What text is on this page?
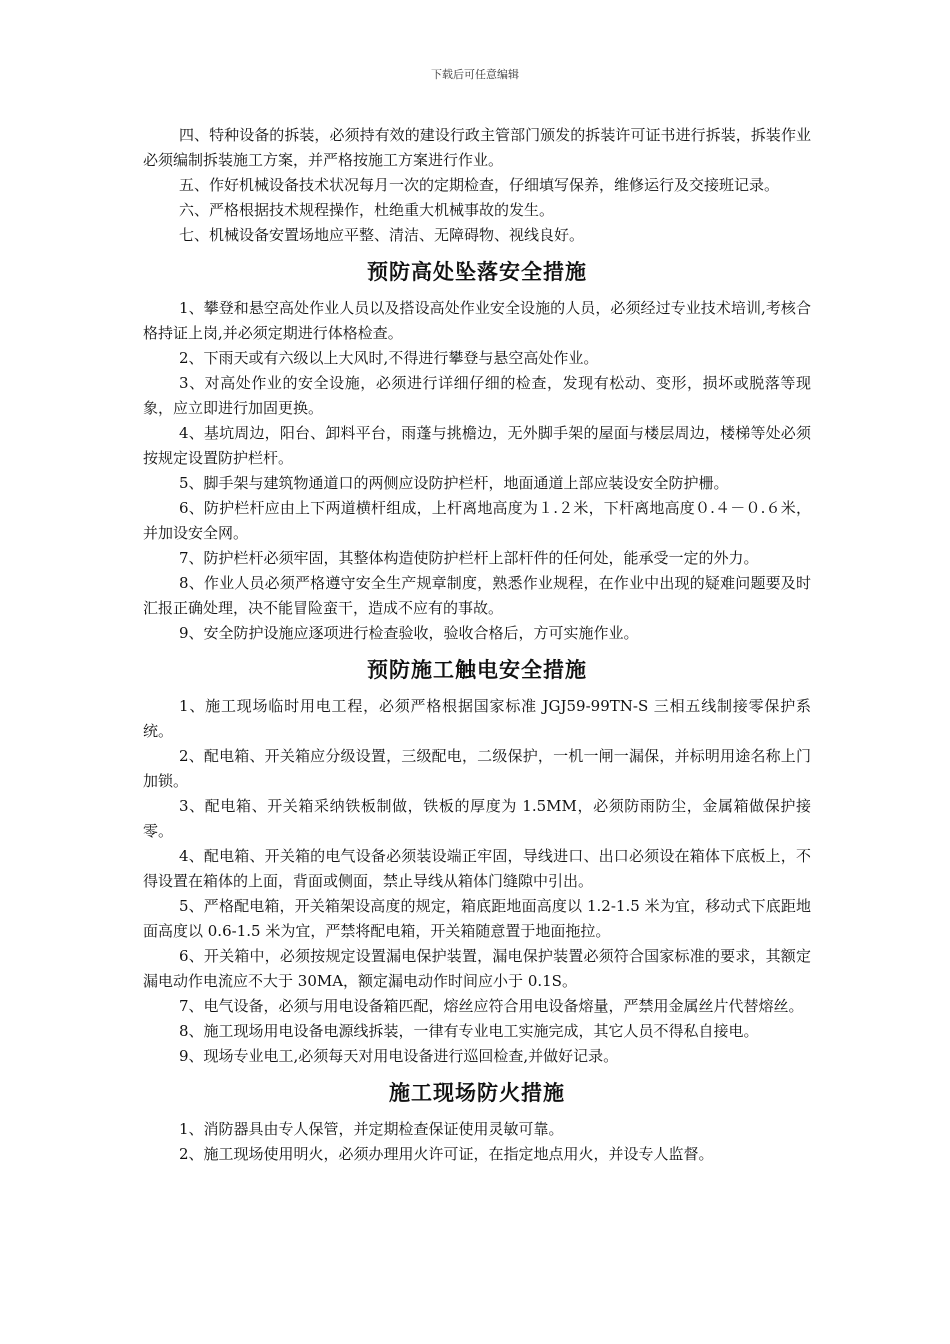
下载后可任意编辑

四、特种设备的拆装，必须持有效的建设行政主管部门颁发的拆装许可证书进行拆装，拆装作业必须编制拆装施工方案，并严格按施工方案进行作业。

五、作好机械设备技术状况每月一次的定期检查，仔细填写保养，维修运行及交接班记录。

六、严格根据技术规程操作，杜绝重大机械事故的发生。

七、机械设备安置场地应平整、清洁、无障碍物、视线良好。

预防高处坠落安全措施

1、攀登和悬空高处作业人员以及搭设高处作业安全设施的人员，必须经过专业技术培训,考核合格持证上岗,并必须定期进行体格检查。

2、下雨天或有六级以上大风时,不得进行攀登与悬空高处作业。

3、对高处作业的安全设施，必须进行详细仔细的检查，发现有松动、变形，损坏或脱落等现象，应立即进行加固更换。

4、基坑周边，阳台、卸料平台，雨蓬与挑檐边，无外脚手架的屋面与楼层周边，楼梯等处必须按规定设置防护栏杆。

5、脚手架与建筑物通道口的两侧应设防护栏杆，地面通道上部应装设安全防护栅。

6、防护栏杆应由上下两道横杆组成，上杆离地高度为１.２米，下杆离地高度０.４－０.６米，并加设安全网。

7、防护栏杆必须牢固，其整体构造使防护栏杆上部杆件的任何处，能承受一定的外力。

8、作业人员必须严格遵守安全生产规章制度，熟悉作业规程，在作业中出现的疑难问题要及时汇报正确处理，决不能冒险蛮干，造成不应有的事故。

9、安全防护设施应逐项进行检查验收，验收合格后，方可实施作业。

预防施工触电安全措施

1、施工现场临时用电工程，必须严格根据国家标准 JGJ59-99TN-S 三相五线制接零保护系统。

2、配电箱、开关箱应分级设置，三级配电，二级保护，一机一闸一漏保，并标明用途名称上门加锁。

3、配电箱、开关箱采纳铁板制做，铁板的厚度为 1.5MM，必须防雨防尘，金属箱做保护接零。

4、配电箱、开关箱的电气设备必须装设端正牢固，导线进口、出口必须设在箱体下底板上，不得设置在箱体的上面，背面或侧面，禁止导线从箱体门缝隙中引出。

5、严格配电箱，开关箱架设高度的规定，箱底距地面高度以 1.2-1.5 米为宜，移动式下底距地面高度以 0.6-1.5 米为宜，严禁将配电箱，开关箱随意置于地面拖拉。

6、开关箱中，必须按规定设置漏电保护装置，漏电保护装置必须符合国家标准的要求，其额定漏电动作电流应不大于 30MA，额定漏电动作时间应小于 0.1S。

7、电气设备，必须与用电设备箱匹配，熔丝应符合用电设备熔量，严禁用金属丝片代替熔丝。

8、施工现场用电设备电源线拆装，一律有专业电工实施完成，其它人员不得私自接电。

9、现场专业电工,必须每天对用电设备进行巡回检查,并做好记录。

施工现场防火措施

1、消防器具由专人保管，并定期检查保证使用灵敏可靠。

2、施工现场使用明火，必须办理用火许可证，在指定地点用火，并设专人监督。
